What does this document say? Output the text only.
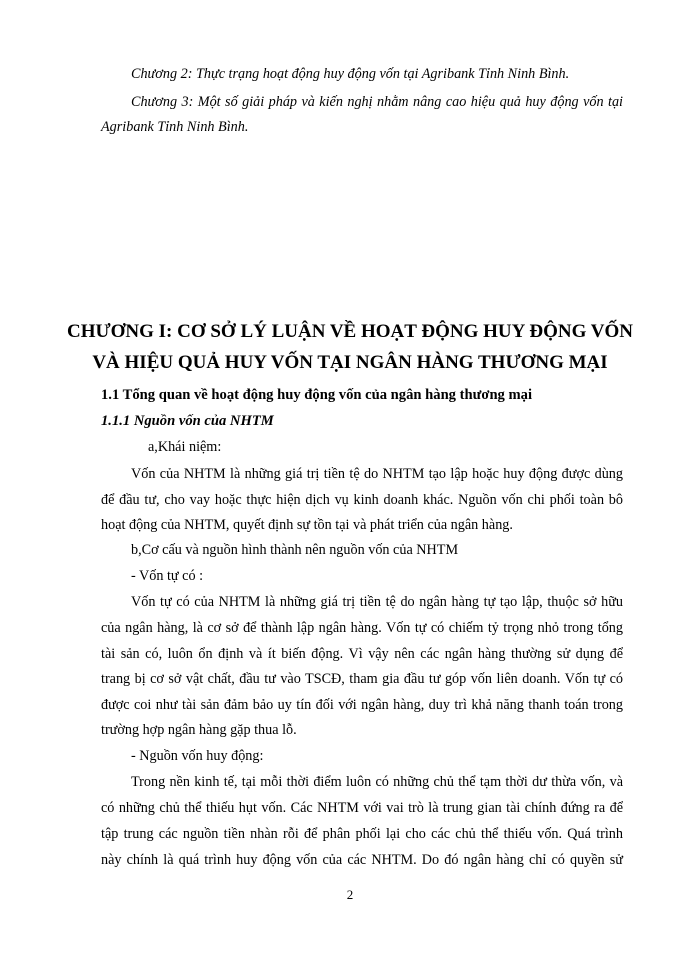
Chương 2: Thực trạng hoạt động huy động vốn tại Agribank Tỉnh Ninh Bình.
Chương 3: Một số giải pháp và kiến nghị nhằm nâng cao hiệu quả huy động vốn tại
Agribank Tỉnh Ninh Bình.
CHƯƠNG I: CƠ SỞ LÝ LUẬN VỀ HOẠT ĐỘNG HUY ĐỘNG VỐN
VÀ HIỆU QUẢ HUY VỐN TẠI NGÂN HÀNG THƯƠNG MẠI
1.1 Tổng quan về hoạt động huy động vốn của ngân hàng thương mại
1.1.1 Nguồn vốn của NHTM
a,Khái niệm:
Vốn của NHTM là những giá trị tiền tệ do NHTM tạo lập hoặc huy động được dùng
để đầu tư, cho vay hoặc thực hiện dịch vụ kinh doanh khác. Nguồn vốn chi phối toàn bô
hoạt động của NHTM, quyết định sự tồn tại và phát triển của ngân hàng.
b,Cơ cấu và nguồn hình thành nên nguồn vốn của NHTM
- Vốn tự có :
Vốn tự có của NHTM là những giá trị tiền tệ do ngân hàng tự tạo lập, thuộc sở hữu
của ngân hàng, là cơ sở để thành lập ngân hàng. Vốn tự có chiếm tỷ trọng nhỏ trong tổng
tài sản có, luôn ổn định và ít biến động. Vì vậy nên các ngân hàng thường sử dụng để
trang bị cơ sở vật chất, đầu tư vào TSCĐ, tham gia đầu tư góp vốn liên doanh. Vốn tự có
được coi như tài sản đảm bảo uy tín đối với ngân hàng, duy trì khả năng thanh toán trong
trường hợp ngân hàng gặp thua lỗ.
- Nguồn vốn huy động:
Trong nền kinh tế, tại mỗi thời điểm luôn có những chủ thể tạm thời dư thừa vốn, và
có những chủ thể thiếu hụt vốn. Các NHTM với vai trò là trung gian tài chính đứng ra để
tập trung các nguồn tiền nhàn rỗi để phân phối lại cho các chủ thể thiếu vốn. Quá trình
này chính là quá trình huy động vốn của các NHTM. Do đó ngân hàng chỉ có quyền sử
2
